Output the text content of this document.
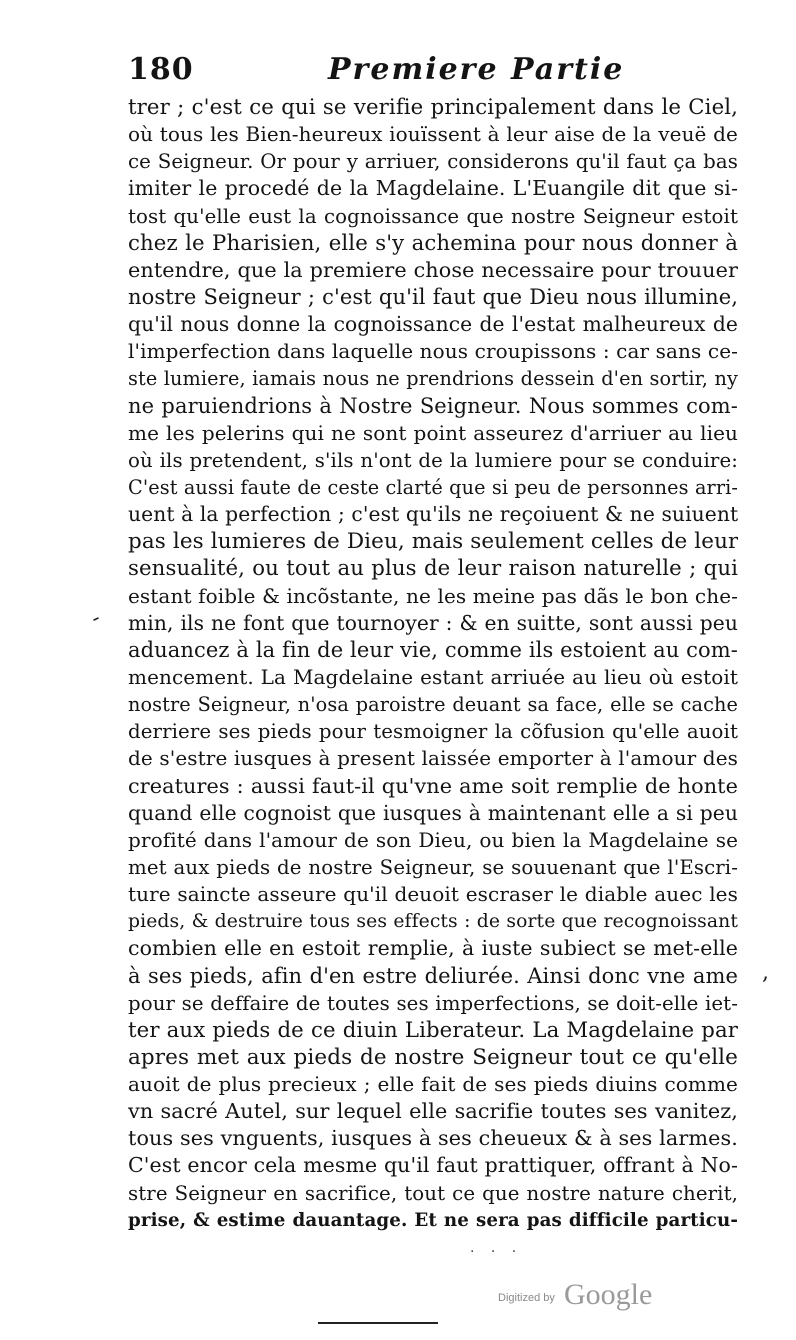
180	Premiere Partie
trer ; c'est ce qui se verifie principalement dans le Ciel,
où tous les Bien-heureux iouïssent à leur aise de la veuë de
ce Seigneur. Or pour y arriuer, considerons qu'il faut ça bas
imiter le procedé de la Magdelaine. L'Euangile dit que si-
tost qu'elle eust la cognoissance que nostre Seigneur estoit
chez le Pharisien, elle s'y achemina pour nous donner à
entendre, que la premiere chose necessaire pour trouuer
nostre Seigneur ; c'est qu'il faut que Dieu nous illumine,
qu'il nous donne la cognoissance de l'estat malheureux de
l'imperfection dans laquelle nous croupissons : car sans ce-
ste lumiere, iamais nous ne prendrions dessein d'en sortir, ny
ne paruiendrions à Nostre Seigneur. Nous sommes com-
me les pelerins qui ne sont point asseurez d'arriuer au lieu
où ils pretendent, s'ils n'ont de la lumiere pour se conduire:
C'est aussi faute de ceste clarté que si peu de personnes arri-
uent à la perfection ; c'est qu'ils ne reçoiuent & ne suiuent
pas les lumieres de Dieu, mais seulement celles de leur
sensualité, ou tout au plus de leur raison naturelle ; qui
estant foible & incõstante, ne les meine pas dãs le bon che-
min, ils ne font que tournoyer : & en suitte, sont aussi peu
aduancez à la fin de leur vie, comme ils estoient au com-
mencement. La Magdelaine estant arriuée au lieu où estoit
nostre Seigneur, n'osa paroistre deuant sa face, elle se cache
derriere ses pieds pour tesmoigner la cõfusion qu'elle auoit
de s'estre iusques à present laissée emporter à l'amour des
creatures : aussi faut-il qu'vne ame soit remplie de honte
quand elle cognoist que iusques à maintenant elle a si peu
profité dans l'amour de son Dieu, ou bien la Magdelaine se
met aux pieds de nostre Seigneur, se souuenant que l'Escri-
ture saincte asseure qu'il deuoit escraser le diable auec les
pieds, & destruire tous ses effects : de sorte que recognoissant
combien elle en estoit remplie, à iuste subiect se met-elle
à ses pieds, afin d'en estre deliurée. Ainsi donc vne ame
pour se deffaire de toutes ses imperfections, se doit-elle iet-
ter aux pieds de ce diuin Liberateur. La Magdelaine par
apres met aux pieds de nostre Seigneur tout ce qu'elle
auoit de plus precieux ; elle fait de ses pieds diuins comme
vn sacré Autel, sur lequel elle sacrifie toutes ses vanitez,
tous ses vnguents, iusques à ses cheueux & à ses larmes.
C'est encor cela mesme qu'il faut prattiquer, offrant à No-
stre Seigneur en sacrifice, tout ce que nostre nature cherit,
prise, & estime dauantage. Et ne sera pas difficile particu-
-
,
. . .
Digitized by Google
